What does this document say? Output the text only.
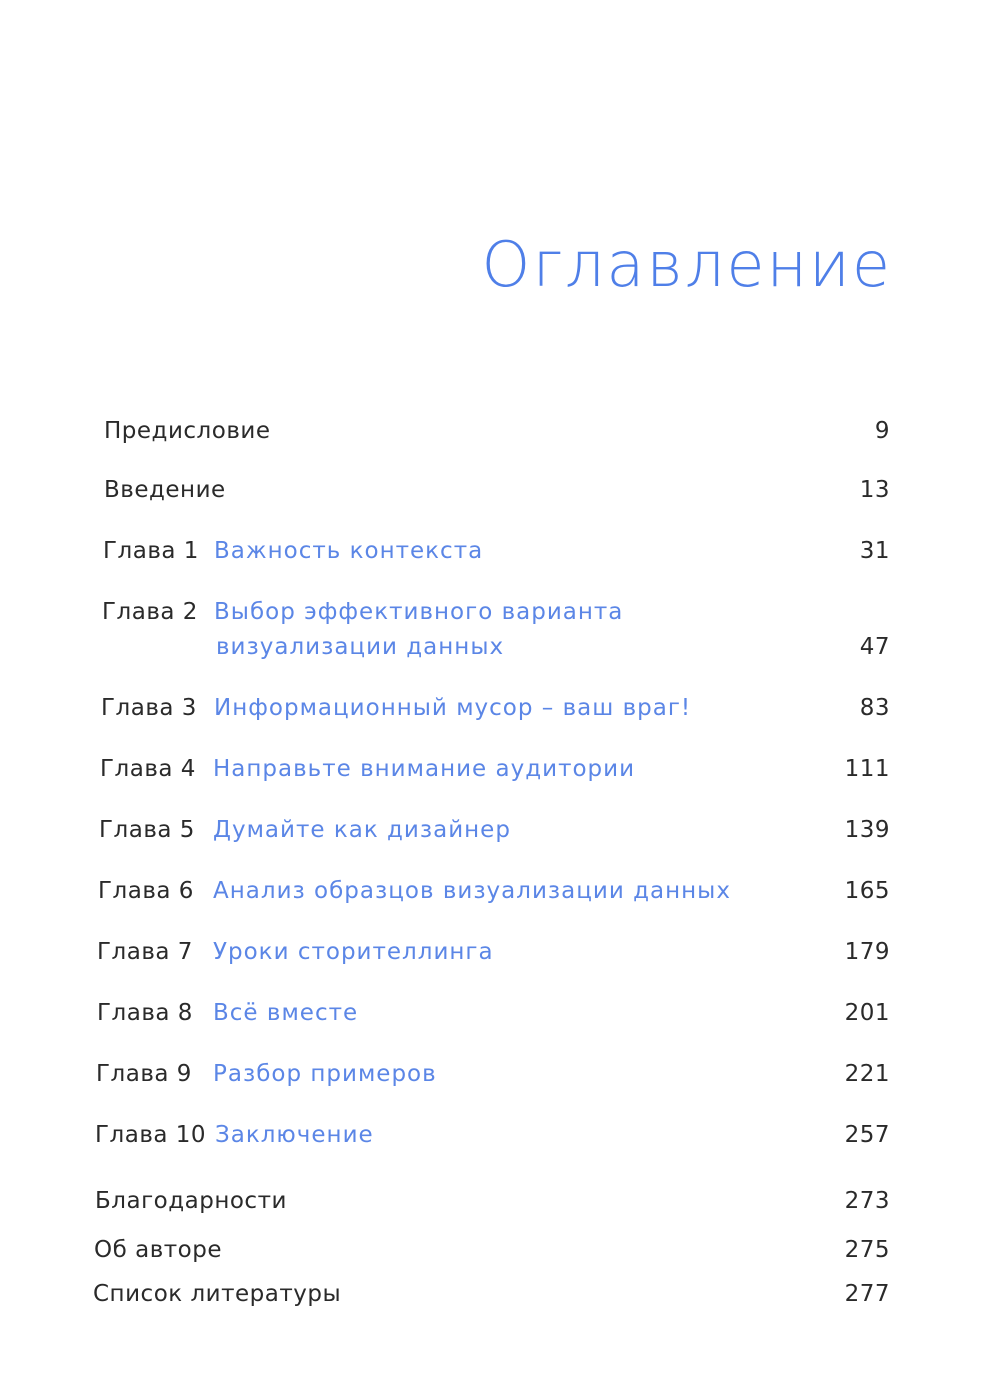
Оглавление
Предисловие	9
Введение	13
Глава 1 Важность контекста	31
Глава 2 Выбор эффективного варианта
визуализации данных	47
Глава 3 Информационный мусор – ваш враг!	83
Глава 4 Направьте внимание аудитории	111
Глава 5 Думайте как дизайнер	139
Глава 6 Анализ образцов визуализации данных	165
Глава 7 Уроки сторителлинга	179
Глава 8 Всё вместе	201
Глава 9 Разбор примеров	221
Глава 10 Заключение	257
Благодарности	273
Об авторе	275
Список литературы	277
